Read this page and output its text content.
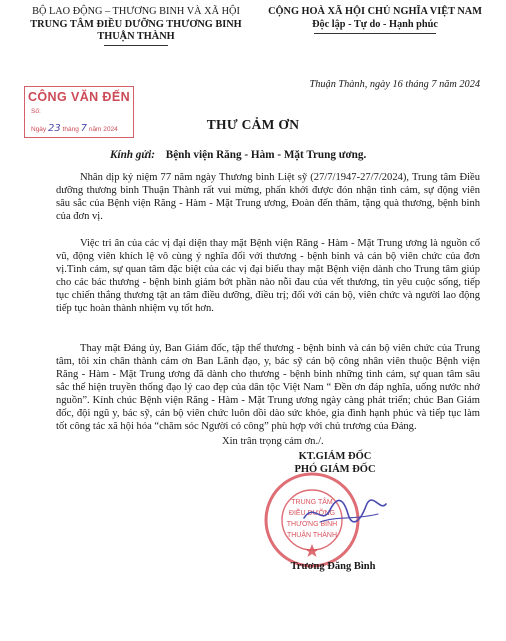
BỘ LAO ĐỘNG – THƯƠNG BINH VÀ XÃ HỘI
TRUNG TÂM ĐIỀU DƯỠNG THƯƠNG BINH
THUẬN THÀNH
CỘNG HOÀ XÃ HỘI CHỦ NGHĨA VIỆT NAM
Độc lập - Tự do - Hạnh phúc
Thuận Thành, ngày 16 tháng 7 năm 2024
CÔNG VĂN ĐẾN
Số:
Ngày 23 tháng 7 năm 2024	THƯ CẢM ƠN
Kính gửi: Bệnh viện Răng - Hàm - Mặt Trung ương.
Nhân dịp kỷ niệm 77 năm ngày Thương binh Liệt sỹ (27/7/1947-27/7/2024), Trung tâm Điều dưỡng thương binh Thuận Thành rất vui mừng, phấn khởi được đón nhận tình cảm, sự động viên sâu sắc của Bệnh viện Răng - Hàm - Mặt Trung ương, Đoàn đến thăm, tặng quà thương, bệnh binh của đơn vị.
Việc tri ân của các vị đại diện thay mặt Bệnh viện Răng - Hàm - Mặt Trung ương là nguồn cổ vũ, động viên khích lệ vô cùng ý nghĩa đối với thương - bệnh binh và cán bộ viên chức của đơn vị.Tình cảm, sự quan tâm đặc biệt của các vị đại biểu thay mặt Bệnh viện dành cho Trung tâm giúp cho các bác thương - bệnh binh giảm bớt phần nào nỗi đau của vết thương, tin yêu cuộc sống, tiếp tục chiến thắng thương tật an tâm điều dưỡng, điều trị; đối với cán bộ, viên chức và người lao động tiếp tục hoàn thành nhiệm vụ tốt hơn.
Thay mặt Đảng ủy, Ban Giám đốc, tập thể thương - bệnh binh và cán bộ viên chức của Trung tâm, tôi xin chân thành cảm ơn Ban Lãnh đạo, y, bác sỹ cán bộ công nhân viên thuộc Bệnh viện Răng - Hàm - Mặt Trung ương đã dành cho thương - bệnh binh những tình cảm, sự quan tâm sâu sắc thể hiện truyền thống đạo lý cao đẹp của dân tộc Việt Nam “ Đền ơn đáp nghĩa, uống nước nhớ nguồn”. Kính chúc Bệnh viện Răng - Hàm - Mặt Trung ương ngày càng phát triển; chúc Ban Giám đốc, đội ngũ y, bác sỹ, cán bộ viên chức luôn dồi dào sức khỏe, gia đình hạnh phúc và tiếp tục làm tốt công tác xã hội hóa “chăm sóc Người có công” phù hợp với chủ trương của Đảng.
Xin trân trọng cảm ơn./.
KT.GIÁM ĐỐC
PHÓ GIÁM ĐỐC
TRUNG TÂM
ĐIỀU DƯỠNG
THƯƠNG BINH
THUẬN THÀNH
Trương Đăng Bình
